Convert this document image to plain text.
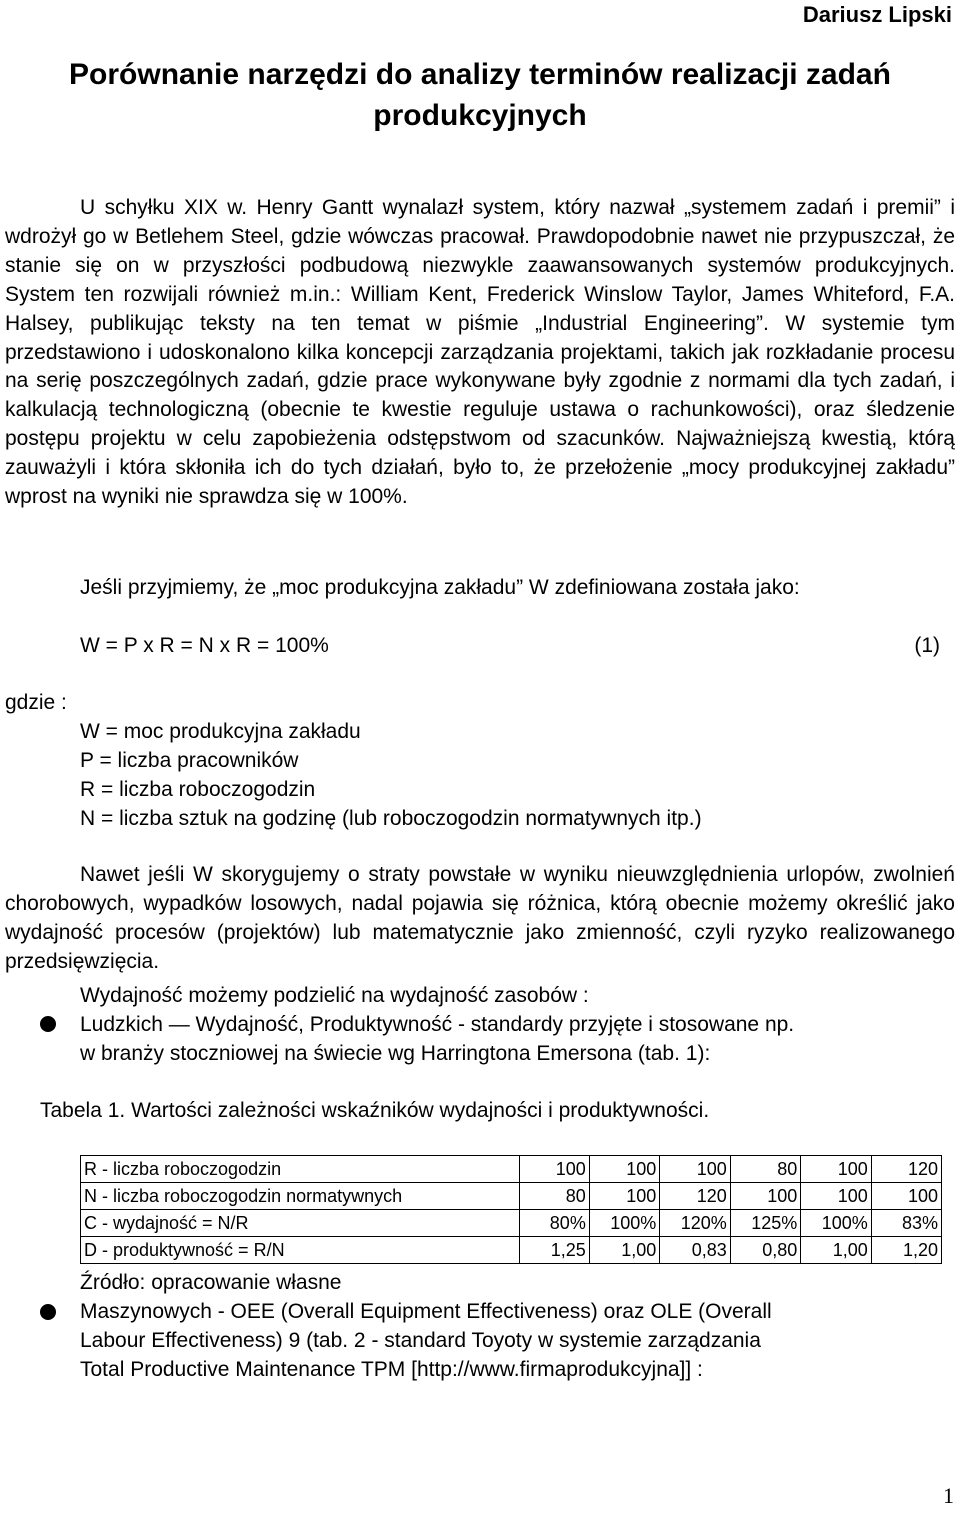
Dariusz Lipski
Porównanie narzędzi do analizy terminów realizacji zadań
produkcyjnych
U schyłku XIX w. Henry Gantt wynalazł system, który nazwał „systemem zadań i premii” i wdrożył go w Betlehem Steel, gdzie wówczas pracował. Prawdopodobnie nawet nie przypuszczał, że stanie się on w przyszłości podbudową niezwykle zaawansowanych systemów produkcyjnych. System ten rozwijali również m.in.: William Kent, Frederick Winslow Taylor, James Whiteford, F.A. Halsey, publikując teksty na ten temat w piśmie „Industrial Engineering”. W systemie tym przedstawiono i udoskonalono kilka koncepcji zarządzania projektami, takich jak rozkładanie procesu na serię poszczególnych zadań, gdzie prace wykonywane były zgodnie z normami dla tych zadań, i kalkulacją technologiczną (obecnie te kwestie reguluje ustawa o rachunkowości), oraz śledzenie postępu projektu w celu zapobieżenia odstępstwom od szacunków. Najważniejszą kwestią, którą zauważyli i która skłoniła ich do tych działań, było to, że przełożenie „mocy produkcyjnej zakładu” wprost na wyniki nie sprawdza się w 100%.
Jeśli przyjmiemy, że „moc produkcyjna zakładu” W zdefiniowana została jako:
W = P x R = N x R = 100%	(1)
gdzie :
W = moc produkcyjna zakładu
P = liczba pracowników
R = liczba roboczogodzin
N = liczba sztuk na godzinę (lub roboczogodzin normatywnych itp.)
Nawet jeśli W skorygujemy o straty powstałe w wyniku nieuwzględnienia urlopów, zwolnień chorobowych, wypadków losowych, nadal pojawia się różnica, którą obecnie możemy określić jako wydajność procesów (projektów) lub matematycznie jako zmienność, czyli ryzyko realizowanego przedsięwzięcia.
Wydajność możemy podzielić na wydajność zasobów :
Ludzkich — Wydajność, Produktywność - standardy przyjęte i stosowane np.
w branży stoczniowej na świecie wg Harringtona Emersona (tab. 1):
Tabela 1. Wartości zależności wskaźników wydajności i produktywności.
R - liczba roboczogodzin	100	100	100	80	100	120
N - liczba roboczogodzin normatywnych	80	100	120	100	100	100
C - wydajność = N/R	80%	100%	120%	125%	100%	83%
D - produktywność = R/N	1,25	1,00	0,83	0,80	1,00	1,20
Źródło: opracowanie własne
Maszynowych - OEE (Overall Equipment Effectiveness) oraz OLE (Overall
Labour Effectiveness) 9 (tab. 2 - standard Toyoty w systemie zarządzania
Total Productive Maintenance TPM [http://www.firmaprodukcyjna]] :
1
